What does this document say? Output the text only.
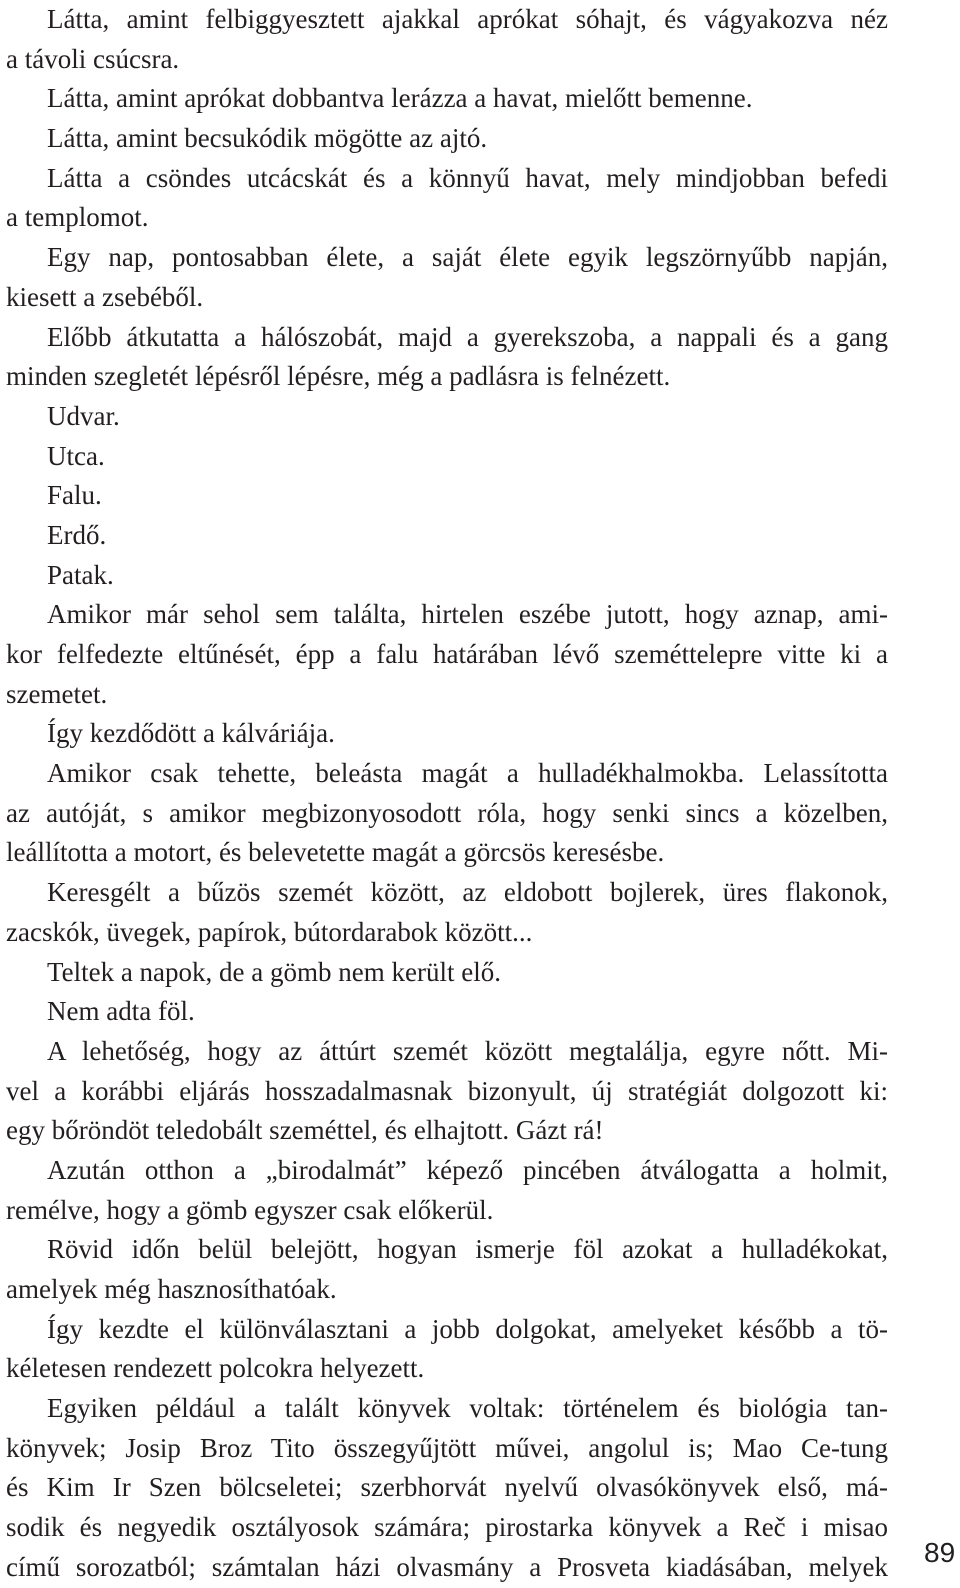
Látta, amint felbiggyesztett ajakkal aprókat sóhajt, és vágyakozva néz
a távoli csúcsra.
Látta, amint aprókat dobbantva lerázza a havat, mielőtt bemenne.
Látta, amint becsukódik mögötte az ajtó.
Látta a csöndes utcácskát és a könnyű havat, mely mindjobban befedi
a templomot.
Egy nap, pontosabban élete, a saját élete egyik legszörnyűbb napján,
kiesett a zsebéből.
Előbb átkutatta a hálószobát, majd a gyerekszoba, a nappali és a gang
minden szegletét lépésről lépésre, még a padlásra is felnézett.
Udvar.
Utca.
Falu.
Erdő.
Patak.
Amikor már sehol sem találta, hirtelen eszébe jutott, hogy aznap, ami-
kor felfedezte eltűnését, épp a falu határában lévő szeméttelepre vitte ki a
szemetet.
Így kezdődött a kálváriája.
Amikor csak tehette, beleásta magát a hulladékhalmokba. Lelassította
az autóját, s amikor megbizonyosodott róla, hogy senki sincs a közelben,
leállította a motort, és belevetette magát a görcsös keresésbe.
Keresgélt a bűzös szemét között, az eldobott bojlerek, üres flakonok,
zacskók, üvegek, papírok, bútordarabok között...
Teltek a napok, de a gömb nem került elő.
Nem adta föl.
A lehetőség, hogy az áttúrt szemét között megtalálja, egyre nőtt. Mi-
vel a korábbi eljárás hosszadalmasnak bizonyult, új stratégiát dolgozott ki:
egy bőröndöt teledobált szeméttel, és elhajtott. Gázt rá!
Azután otthon a „birodalmát” képező pincében átválogatta a holmit,
remélve, hogy a gömb egyszer csak előkerül.
Rövid időn belül belejött, hogyan ismerje föl azokat a hulladékokat,
amelyek még hasznosíthatóak.
Így kezdte el különválasztani a jobb dolgokat, amelyeket később a tö-
kéletesen rendezett polcokra helyezett.
Egyiken például a talált könyvek voltak: történelem és biológia tan-
könyvek; Josip Broz Tito összegyűjtött művei, angolul is; Mao Ce-tung
és Kim Ir Szen bölcseletei; szerbhorvát nyelvű olvasókönyvek első, má-
sodik és negyedik osztályosok számára; pirostarka könyvek a Reč i misao
című sorozatból; számtalan házi olvasmány a Prosveta kiadásában, melyek 89
